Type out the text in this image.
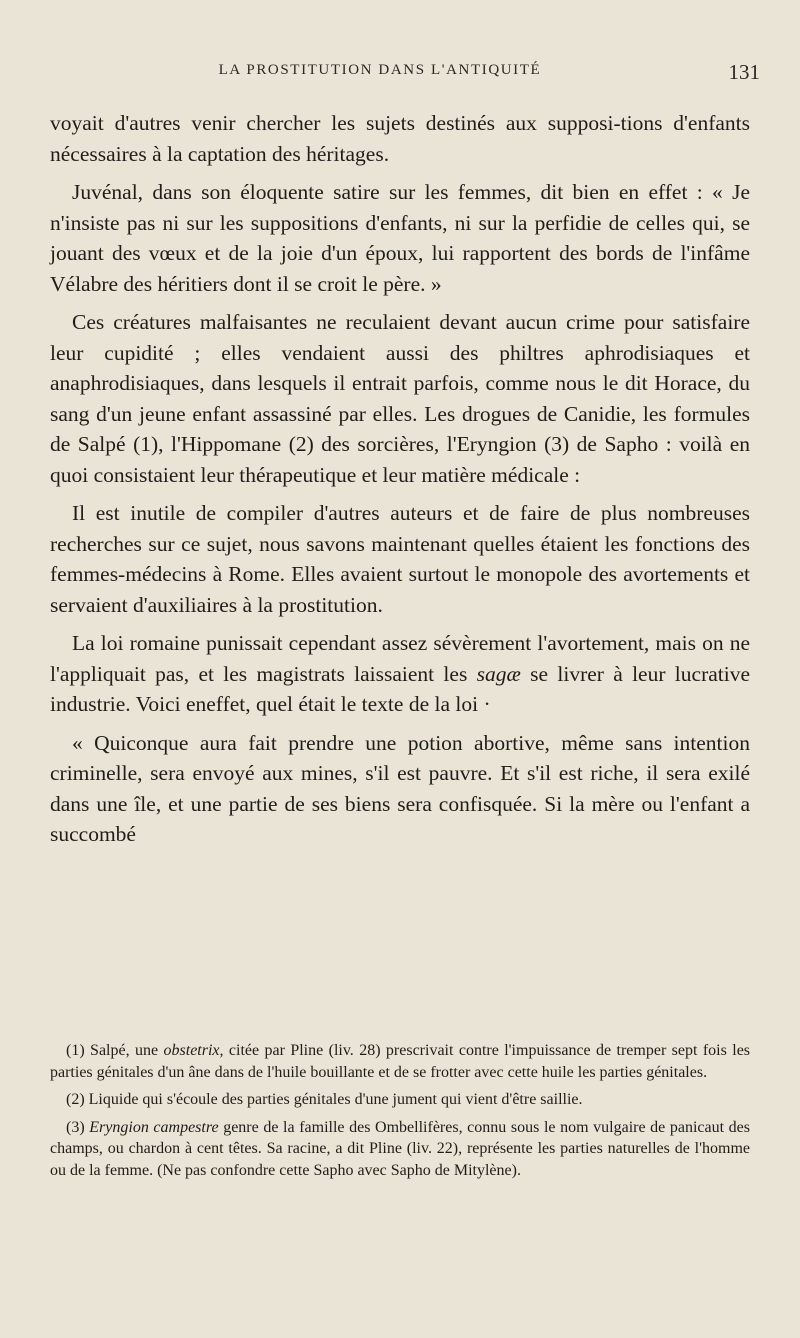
LA PROSTITUTION DANS L'ANTIQUITÉ	131

voyait d'autres venir chercher les sujets destinés aux supposi-tions d'enfants nécessaires à la captation des héritages.

Juvénal, dans son éloquente satire sur les femmes, dit bien en effet : « Je n'insiste pas ni sur les suppositions d'enfants, ni sur la perfidie de celles qui, se jouant des vœux et de la joie d'un époux, lui rapportent des bords de l'infâme Vélabre des héritiers dont il se croit le père. »

Ces créatures malfaisantes ne reculaient devant aucun crime pour satisfaire leur cupidité ; elles vendaient aussi des philtres aphrodisiaques et anaphrodisiaques, dans lesquels il entrait parfois, comme nous le dit Horace, du sang d'un jeune enfant assassiné par elles. Les drogues de Canidie, les formules de Salpé (1), l'Hippomane (2) des sorcières, l'Eryngion (3) de Sapho : voilà en quoi consistaient leur thérapeutique et leur matière médicale :

Il est inutile de compiler d'autres auteurs et de faire de plus nombreuses recherches sur ce sujet, nous savons maintenant quelles étaient les fonctions des femmes-médecins à Rome. Elles avaient surtout le monopole des avortements et servaient d'auxiliaires à la prostitution.

La loi romaine punissait cependant assez sévèrement l'avortement, mais on ne l'appliquait pas, et les magistrats laissaient les sagæ se livrer à leur lucrative industrie. Voici eneffet, quel était le texte de la loi ·

« Quiconque aura fait prendre une potion abortive, même sans intention criminelle, sera envoyé aux mines, s'il est pauvre. Et s'il est riche, il sera exilé dans une île, et une partie de ses biens sera confisquée. Si la mère ou l'enfant a succombé

(1) Salpé, une obstetrix, citée par Pline (liv. 28) prescrivait contre l'impuissance de tremper sept fois les parties génitales d'un âne dans de l'huile bouillante et de se frotter avec cette huile les parties génitales.

(2) Liquide qui s'écoule des parties génitales d'une jument qui vient d'être saillie.

(3) Eryngion campestre genre de la famille des Ombellifères, connu sous le nom vulgaire de panicaut des champs, ou chardon à cent têtes. Sa racine, a dit Pline (liv. 22), représente les parties naturelles de l'homme ou de la femme. (Ne pas confondre cette Sapho avec Sapho de Mitylène).
